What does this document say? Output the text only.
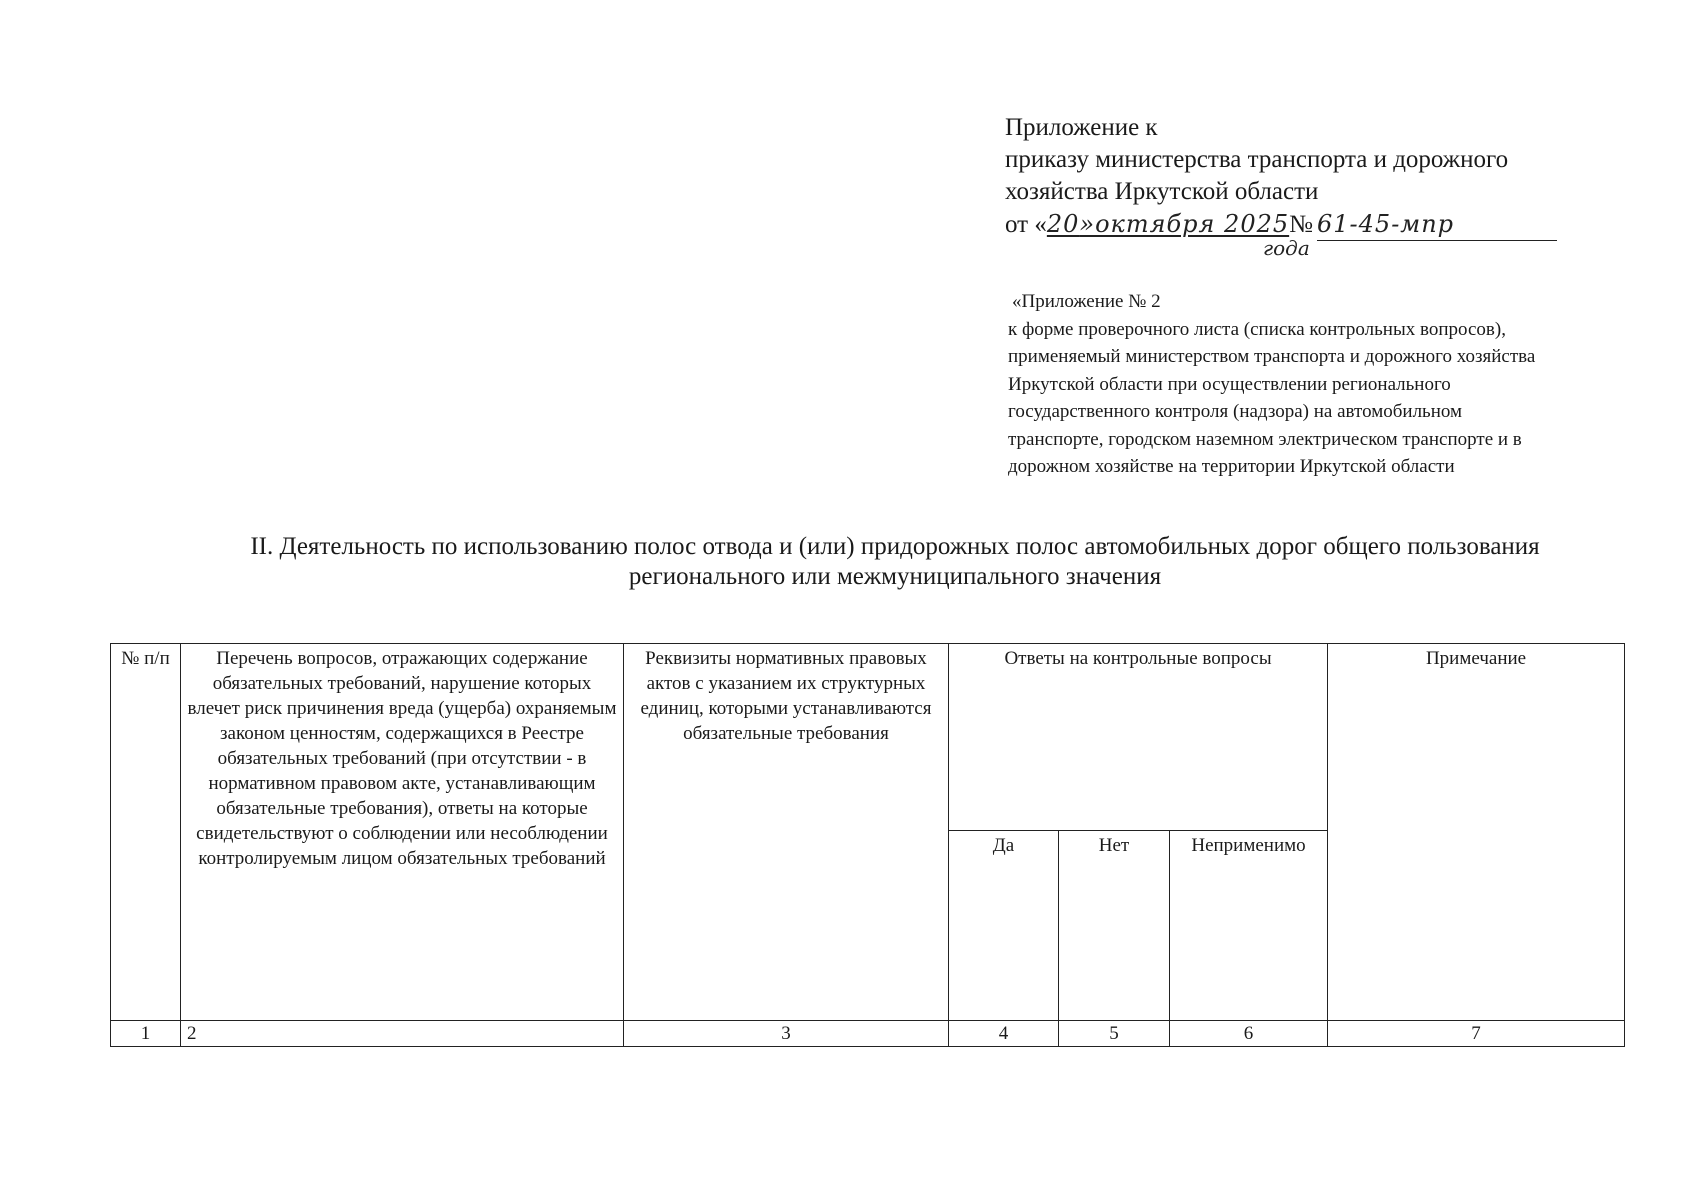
Приложение к
приказу министерства транспорта и дорожного
хозяйства Иркутской области
от «20»октября 2025№ 61-45-мпр
года
«Приложение № 2
к форме проверочного листа (списка контрольных вопросов),
применяемый министерством транспорта и дорожного хозяйства
Иркутской области при осуществлении регионального
государственного контроля (надзора) на автомобильном
транспорте, городском наземном электрическом транспорте и в
дорожном хозяйстве на территории Иркутской области
II. Деятельность по использованию полос отвода и (или) придорожных полос автомобильных дорог общего пользования
регионального или межмуниципального значения
№ п/п	Перечень вопросов, отражающих содержание обязательных требований, нарушение которых влечет риск причинения вреда (ущерба) охраняемым законом ценностям, содержащихся в Реестре обязательных требований (при отсутствии - в нормативном правовом акте, устанавливающим обязательные требования), ответы на которые свидетельствуют о соблюдении или несоблюдении контролируемым лицом обязательных требований	Реквизиты нормативных правовых актов с указанием их структурных единиц, которыми устанавливаются обязательные требования	Ответы на контрольные вопросы			Примечание
			Да	Нет	Неприменимо	
1	2	3	4	5	6	7
